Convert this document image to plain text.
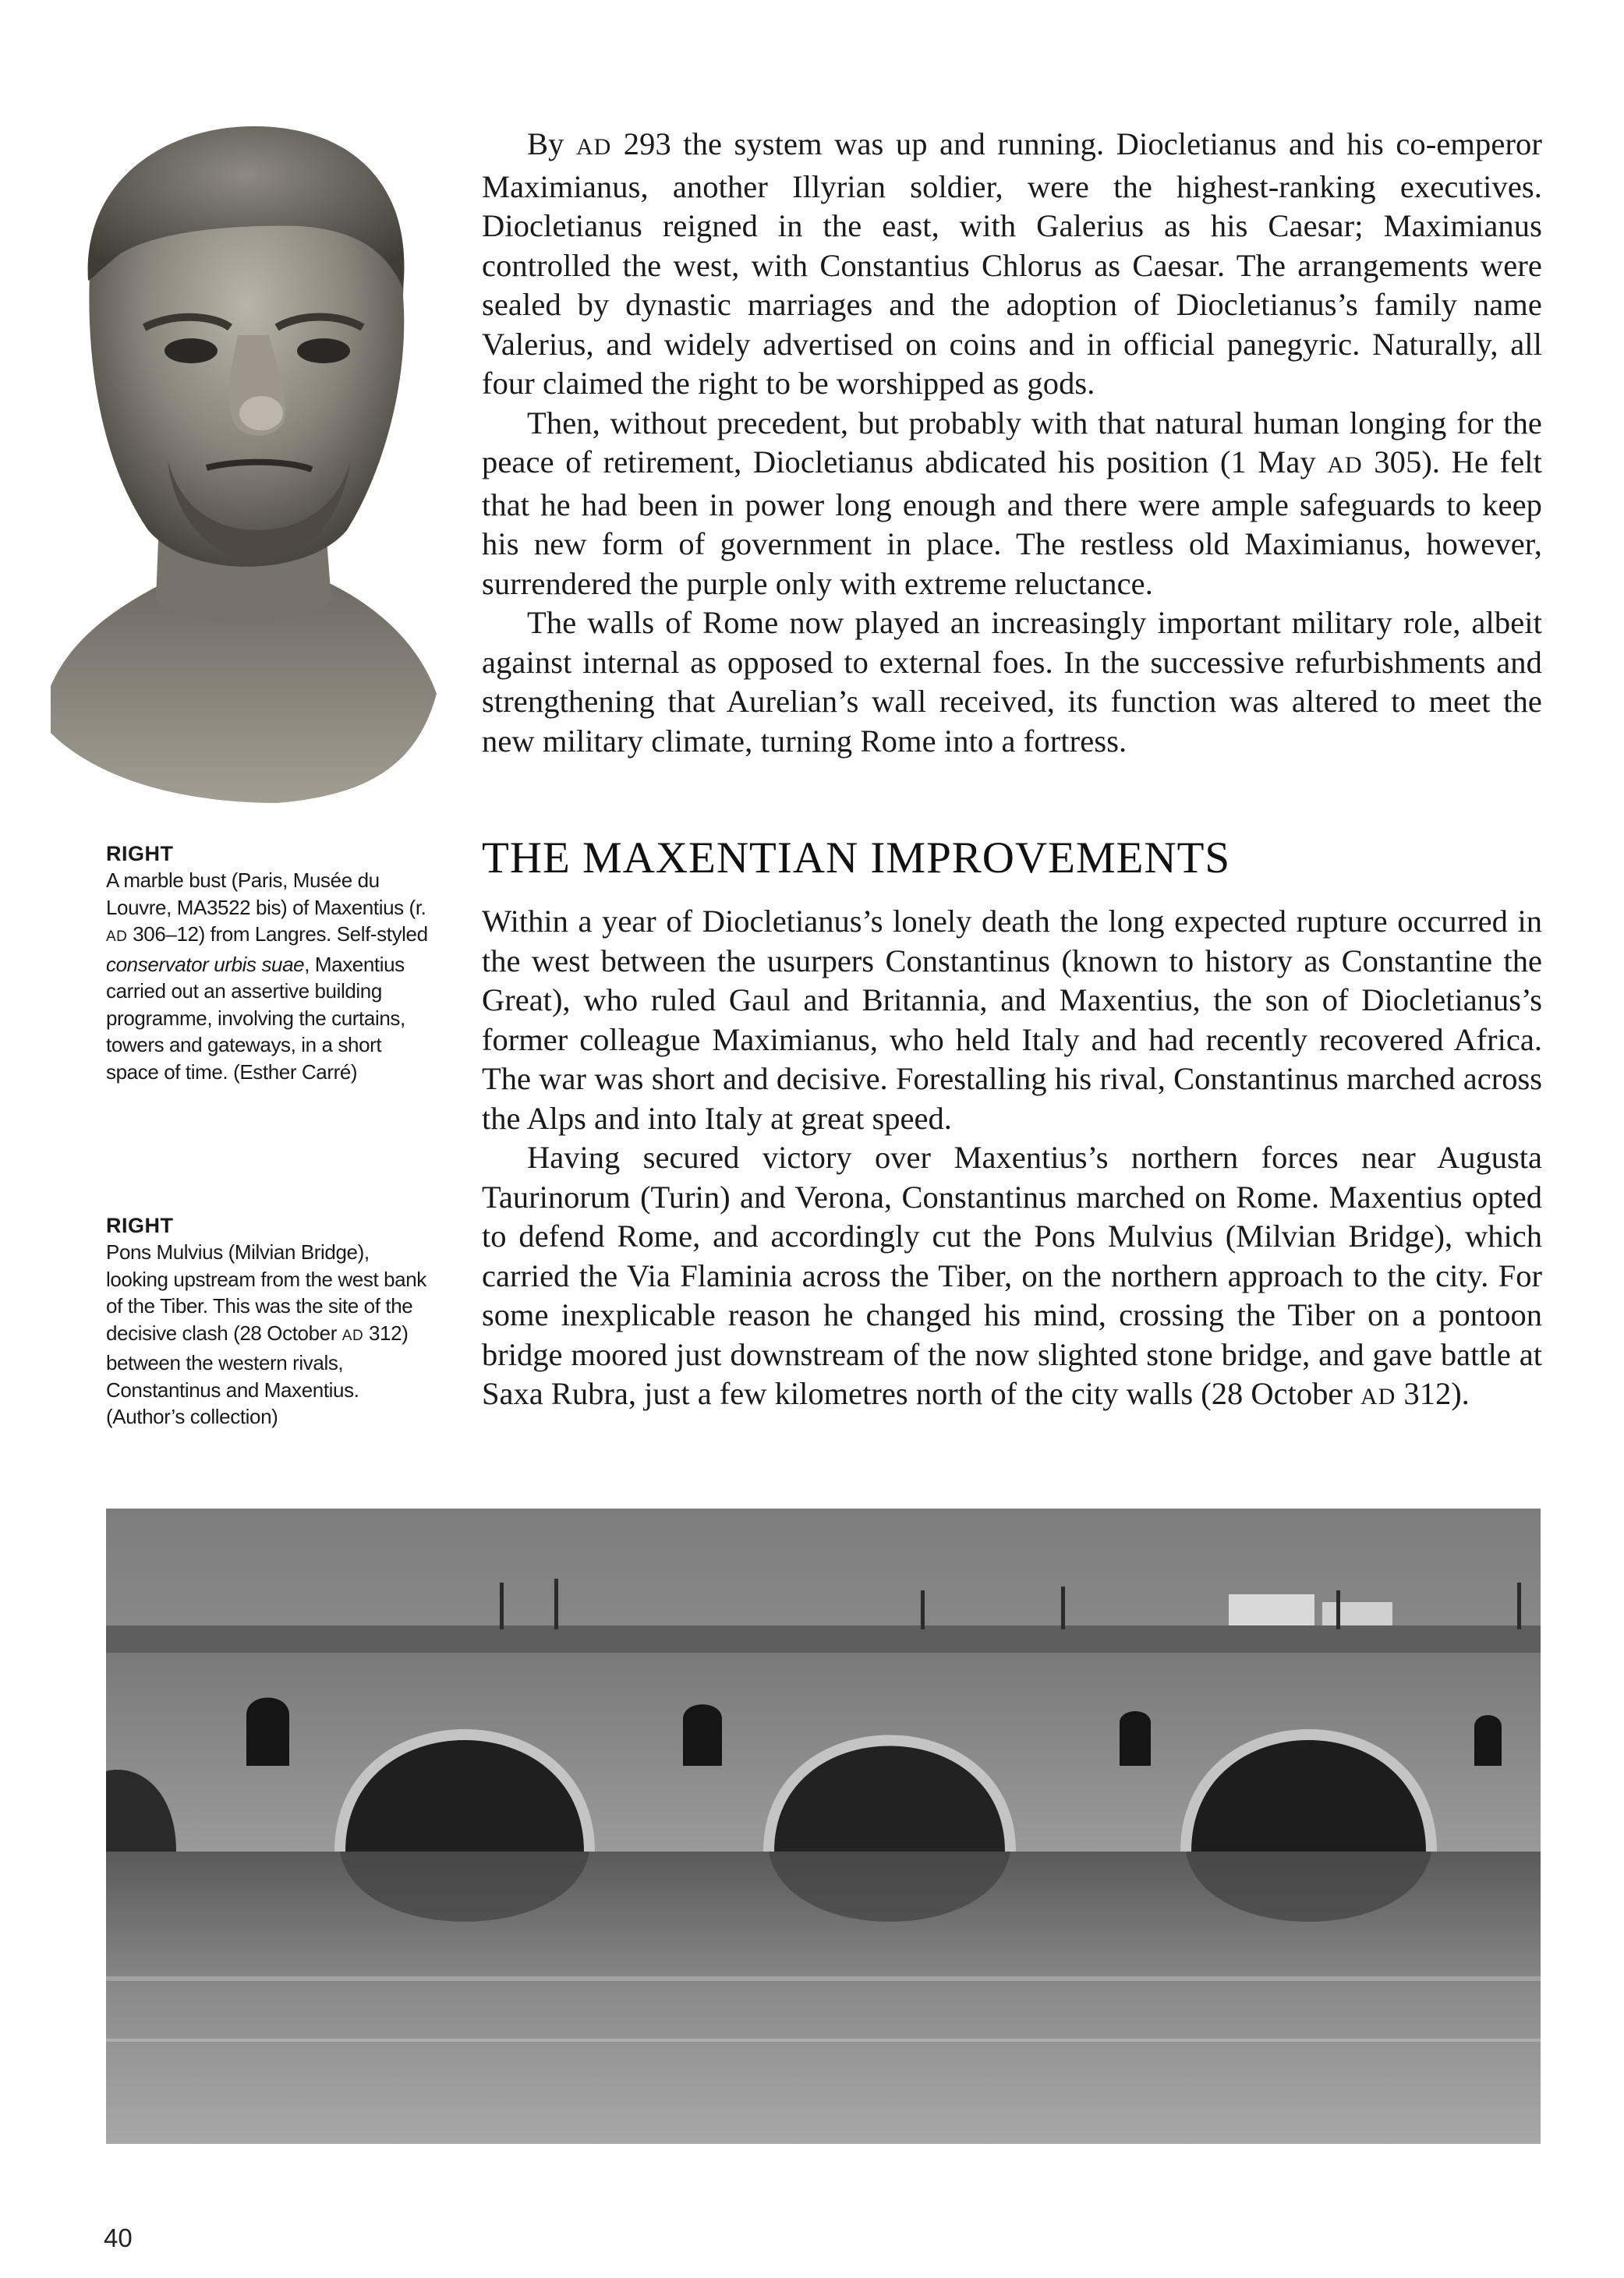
By AD 293 the system was up and running. Diocletianus and his co-emperor Maximianus, another Illyrian soldier, were the highest-ranking executives. Diocletianus reigned in the east, with Galerius as his Caesar; Maximianus controlled the west, with Constantius Chlorus as Caesar. The arrangements were sealed by dynastic marriages and the adoption of Diocletianus’s family name Valerius, and widely advertised on coins and in official panegyric. Naturally, all four claimed the right to be worshipped as gods.

Then, without precedent, but probably with that natural human longing for the peace of retirement, Diocletianus abdicated his position (1 May AD 305). He felt that he had been in power long enough and there were ample safeguards to keep his new form of government in place. The restless old Maximianus, however, surrendered the purple only with extreme reluctance.

The walls of Rome now played an increasingly important military role, albeit against internal as opposed to external foes. In the successive refurbishments and strengthening that Aurelian’s wall received, its function was altered to meet the new military climate, turning Rome into a fortress.

THE MAXENTIAN IMPROVEMENTS

Within a year of Diocletianus’s lonely death the long expected rupture occurred in the west between the usurpers Constantinus (known to history as Constantine the Great), who ruled Gaul and Britannia, and Maxentius, the son of Diocletianus’s former colleague Maximianus, who held Italy and had recently recovered Africa. The war was short and decisive. Forestalling his rival, Constantinus marched across the Alps and into Italy at great speed.

Having secured victory over Maxentius’s northern forces near Augusta Taurinorum (Turin) and Verona, Constantinus marched on Rome. Maxentius opted to defend Rome, and accordingly cut the Pons Mulvius (Milvian Bridge), which carried the Via Flaminia across the Tiber, on the northern approach to the city. For some inexplicable reason he changed his mind, crossing the Tiber on a pontoon bridge moored just downstream of the now slighted stone bridge, and gave battle at Saxa Rubra, just a few kilometres north of the city walls (28 October AD 312).

RIGHT
A marble bust (Paris, Musée du Louvre, MA3522 bis) of Maxentius (r. AD 306–12) from Langres. Self-styled conservator urbis suae, Maxentius carried out an assertive building programme, involving the curtains, towers and gateways, in a short space of time. (Esther Carré)
RIGHT
Pons Mulvius (Milvian Bridge), looking upstream from the west bank of the Tiber. This was the site of the decisive clash (28 October AD 312) between the western rivals, Constantinus and Maxentius. (Author’s collection)
40
